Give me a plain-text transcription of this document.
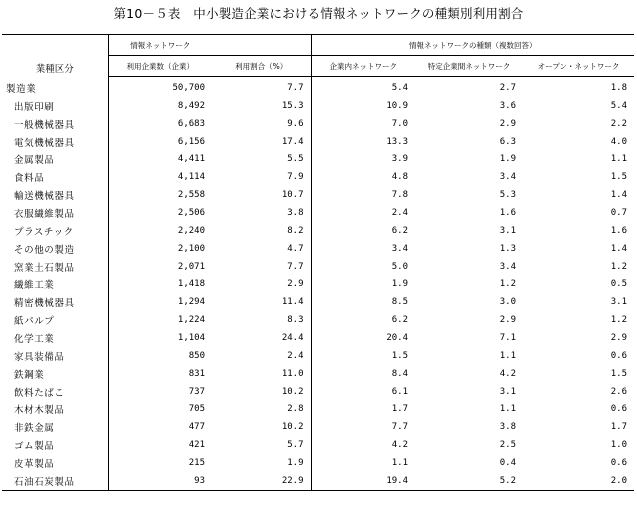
第10－５表　中小製造企業における情報ネットワークの種類別利用割合
業種区分	情報ネットワーク		情報ネットワークの種類（複数回答）		
	利用企業数（企業）	利用割合（%）	企業内ネットワーク	特定企業間ネットワーク	オープン・ネットワーク
製造業	50,700	7.7	5.4	2.7	1.8
出版印刷	8,492	15.3	10.9	3.6	5.4
一般機械器具	6,683	9.6	7.0	2.9	2.2
電気機械器具	6,156	17.4	13.3	6.3	4.0
金属製品	4,411	5.5	3.9	1.9	1.1
食料品	4,114	7.9	4.8	3.4	1.5
輸送機械器具	2,558	10.7	7.8	5.3	1.4
衣服繊維製品	2,506	3.8	2.4	1.6	0.7
プラスチック	2,240	8.2	6.2	3.1	1.6
その他の製造	2,100	4.7	3.4	1.3	1.4
窯業土石製品	2,071	7.7	5.0	3.4	1.2
繊維工業	1,418	2.9	1.9	1.2	0.5
精密機械器具	1,294	11.4	8.5	3.0	3.1
紙パルプ	1,224	8.3	6.2	2.9	1.2
化学工業	1,104	24.4	20.4	7.1	2.9
家具装備品	850	2.4	1.5	1.1	0.6
鉄鋼業	831	11.0	8.4	4.2	1.5
飲料たばこ	737	10.2	6.1	3.1	2.6
木材木製品	705	2.8	1.7	1.1	0.6
非鉄金属	477	10.2	7.7	3.8	1.7
ゴム製品	421	5.7	4.2	2.5	1.0
皮革製品	215	1.9	1.1	0.4	0.6
石油石炭製品	93	22.9	19.4	5.2	2.0
